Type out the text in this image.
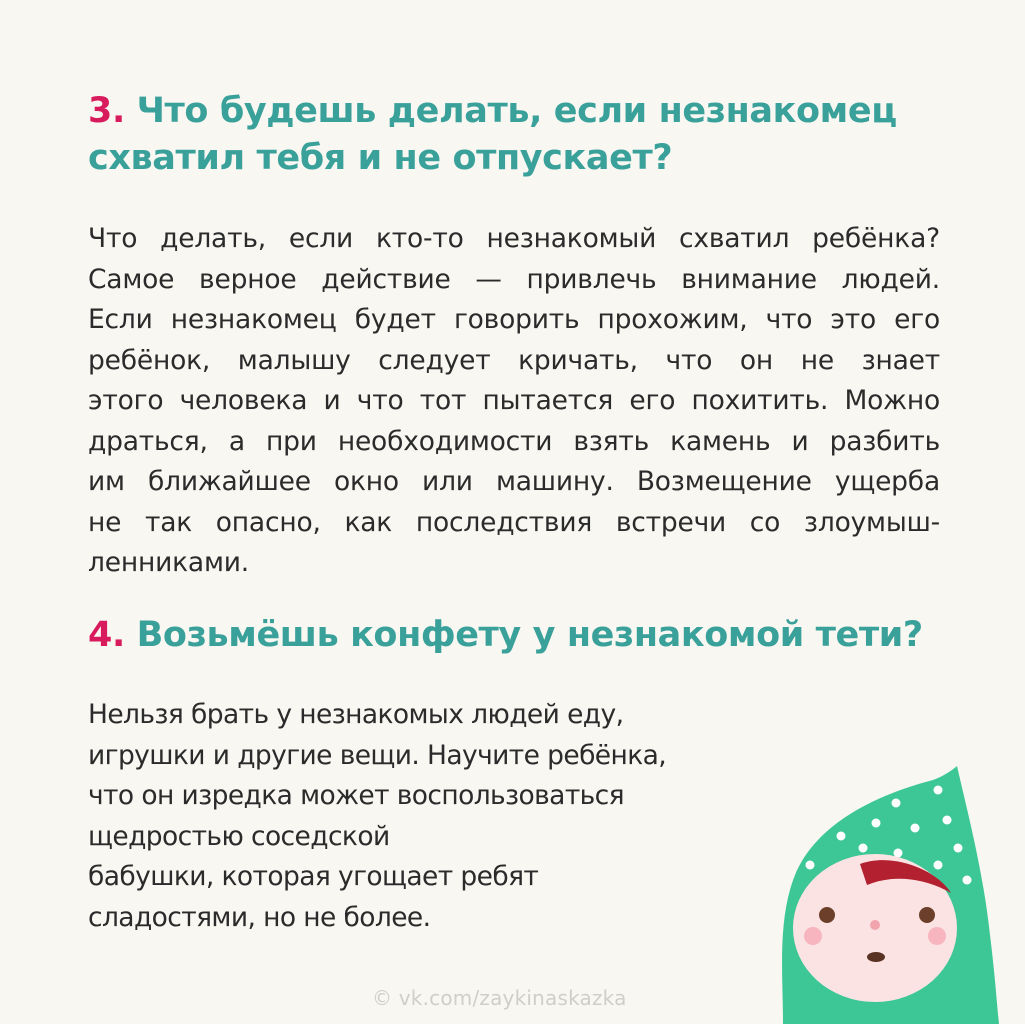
3. Что будешь делать, если незнакомец
схватил тебя и не отпускает?

Что делать, если кто-то незнакомый схватил ребёнка?
Самое верное действие — привлечь внимание людей.
Если незнакомец будет говорить прохожим, что это его
ребёнок, малышу следует кричать, что он не знает
этого человека и что тот пытается его похитить. Можно
драться, а при необходимости взять камень и разбить
им ближайшее окно или машину. Возмещение ущерба
не так опасно, как последствия встречи со злоумыш-
ленниками.

4. Возьмёшь конфету у незнакомой тети?

Нельзя брать у незнакомых людей еду,
игрушки и другие вещи. Научите ребёнка,
что он изредка может воспользоваться
щедростью соседской
бабушки, которая угощает ребят
сладостями, но не более.

© vk.com/zaykinaskazka
